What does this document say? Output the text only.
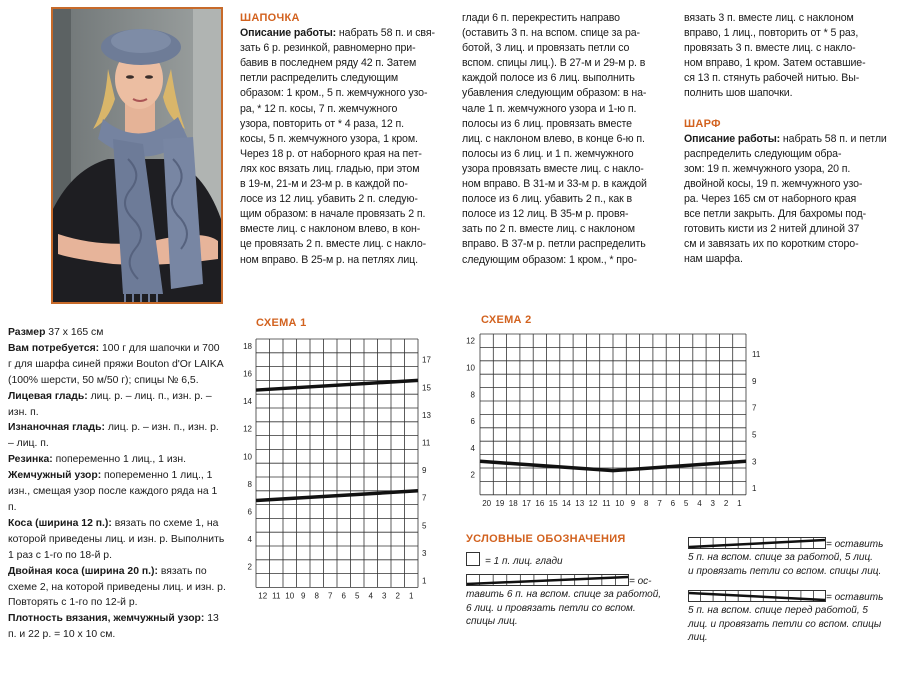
ШАПОЧКА

Описание работы: набрать 58 п. и свя-

зать 6 р. резинкой, равномерно при-

бавив в последнем ряду 42 п. Затем

петли распределить следующим

образом: 1 кром., 5 п. жемчужного узо-

ра, * 12 п. косы, 7 п. жемчужного

узора, повторить от * 4 раза, 12 п.

косы, 5 п. жемчужного узора, 1 кром.

Через 18 р. от наборного края на пет-

лях кос вязать лиц. гладью, при этом

в 19-м, 21-м и 23-м р. в каждой по-

лосе из 12 лиц. убавить 2 п. следую-

щим образом: в начале провязать 2 п.

вместе лиц. с наклоном влево, в кон-

це провязать 2 п. вместе лиц. с накло-

ном вправо. В 25-м р. на петлях лиц.

глади 6 п. перекрестить направо

(оставить 3 п. на вспом. спице за ра-

ботой, 3 лиц. и провязать петли со

вспом. спицы лиц.). В 27-м и 29-м р. в

каждой полосе из 6 лиц. выполнить

убавления следующим образом: в на-

чале 1 п. жемчужного узора и 1-ю п.

полосы из 6 лиц. провязать вместе

лиц. с наклоном влево, в конце 6-ю п.

полосы из 6 лиц. и 1 п. жемчужного

узора провязать вместе лиц. с накло-

ном вправо. В 31-м и 33-м р. в каждой

полосе из 6 лиц. убавить 2 п., как в

полосе из 12 лиц. В 35-м р. провя-

зать по 2 п. вместе лиц. с наклоном

вправо. В 37-м р. петли распределить

следующим образом: 1 кром., * про-

вязать 3 п. вместе лиц. с наклоном

вправо, 1 лиц., повторить от * 5 раз,

провязать 3 п. вместе лиц. с накло-

ном вправо, 1 кром. Затем оставшие-

ся 13 п. стянуть рабочей нитью. Вы-

полнить шов шапочки.

ШАРФ

Описание работы: набрать 58 п. и петли

распределить следующим обра-

зом: 19 п. жемчужного узора, 20 п.

двойной косы, 19 п. жемчужного узо-

ра. Через 165 см от наборного края

все петли закрыть. Для бахромы под-

готовить кисти из 2 нитей длиной 37

см и завязать их по коротким сторо-

нам шарфа.

Размер 37 x 165 см

Вам потребуется: 100 г для шапочки и 700 г для шарфа синей пряжи Bouton d'Or LAIKA (100% шерсти, 50 м/50 г); спицы № 6,5.

Лицевая гладь: лиц. р. – лиц. п., изн. р. – изн. п.

Изнаночная гладь: лиц. р. – изн. п., изн. р. – лиц. п.

Резинка: попеременно 1 лиц., 1 изн.

Жемчужный узор: попеременно 1 лиц., 1 изн., смещая узор после каждого ряда на 1 п.

Коса (ширина 12 п.): вязать по схеме 1, на которой приведены лиц. и изн. р. Выполнить 1 раз с 1-го по 18-й р.

Двойная коса (ширина 20 п.): вязать по схеме 2, на которой приведены лиц. и изн. р. Повторять с 1-го по 12-й р.

Плотность вязания, жемчужный узор: 13 п. и 22 р. = 10 x 10 см.

СХЕМА 1
18
16
14
12
10
8
6
4
2
17
15
13
11
9
7
5
3
1
12 11 10 9 8 7 6 5 4 3 2 1
СХЕМА 2
12
10
8
6
4
2
11
9
7
5
3
1
20 19 18 17 16 15 14 13 12 11 10 9 8 7 6 5 4 3 2 1
УСЛОВНЫЕ ОБОЗНАЧЕНИЯ

= 1 п. лиц. глади

= ос-

тавить 6 п. на вспом. спице за работой,

6 лиц. и провязать петли со вспом.

спицы лиц.

= оставить

5 п. на вспом. спице за работой, 5 лиц.

и провязать петли со вспом. спицы лиц.

= оставить

5 п. на вспом. спице перед работой, 5

лиц. и провязать петли со вспом. спицы

лиц.
